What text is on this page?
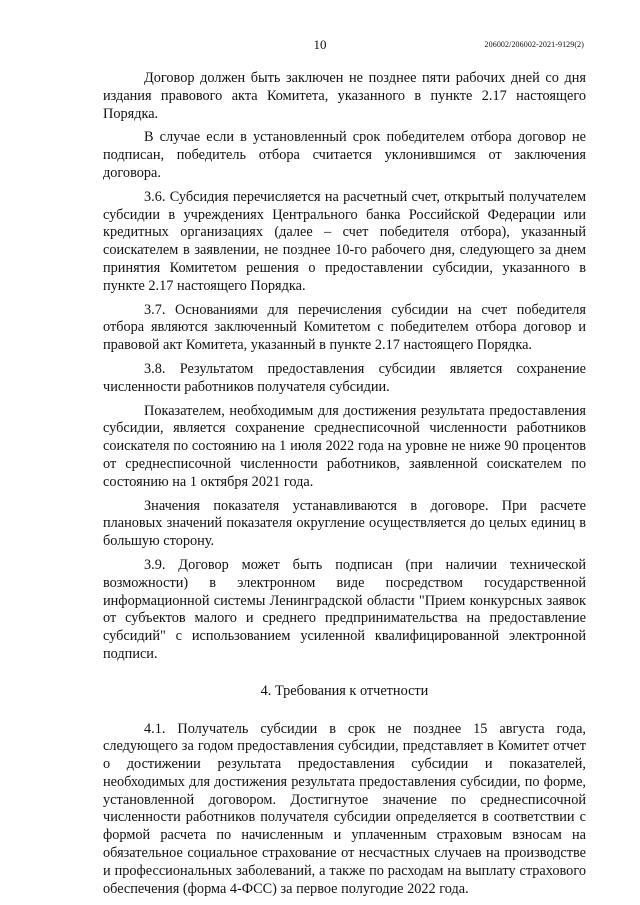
10	206002/206002-2021-9129(2)

Договор должен быть заключен не позднее пяти рабочих дней со дня издания правового акта Комитета, указанного в пункте 2.17 настоящего Порядка.

В случае если в установленный срок победителем отбора договор не подписан, победитель отбора считается уклонившимся от заключения договора.

3.6. Субсидия перечисляется на расчетный счет, открытый получателем субсидии в учреждениях Центрального банка Российской Федерации или кредитных организациях (далее – счет победителя отбора), указанный соискателем в заявлении, не позднее 10-го рабочего дня, следующего за днем принятия Комитетом решения о предоставлении субсидии, указанного в пункте 2.17 настоящего Порядка.

3.7. Основаниями для перечисления субсидии на счет победителя отбора являются заключенный Комитетом с победителем отбора договор и правовой акт Комитета, указанный в пункте 2.17 настоящего Порядка.

3.8. Результатом предоставления субсидии является сохранение численности работников получателя субсидии.

Показателем, необходимым для достижения результата предоставления субсидии, является сохранение среднесписочной численности работников соискателя по состоянию на 1 июля 2022 года на уровне не ниже 90 процентов от среднесписочной численности работников, заявленной соискателем по состоянию на 1 октября 2021 года.

Значения показателя устанавливаются в договоре. При расчете плановых значений показателя округление осуществляется до целых единиц в большую сторону.

3.9. Договор может быть подписан (при наличии технической возможности) в электронном виде посредством государственной информационной системы Ленинградской области "Прием конкурсных заявок от субъектов малого и среднего предпринимательства на предоставление субсидий" с использованием усиленной квалифицированной электронной подписи.

4. Требования к отчетности

4.1. Получатель субсидии в срок не позднее 15 августа года, следующего за годом предоставления субсидии, представляет в Комитет отчет о достижении результата предоставления субсидии и показателей, необходимых для достижения результата предоставления субсидии, по форме, установленной договором. Достигнутое значение по среднесписочной численности работников получателя субсидии определяется в соответствии с формой расчета по начисленным и уплаченным страховым взносам на обязательное социальное страхование от несчастных случаев на производстве и профессиональных заболеваний, а также по расходам на выплату страхового обеспечения (форма 4-ФСС) за первое полугодие 2022 года.
